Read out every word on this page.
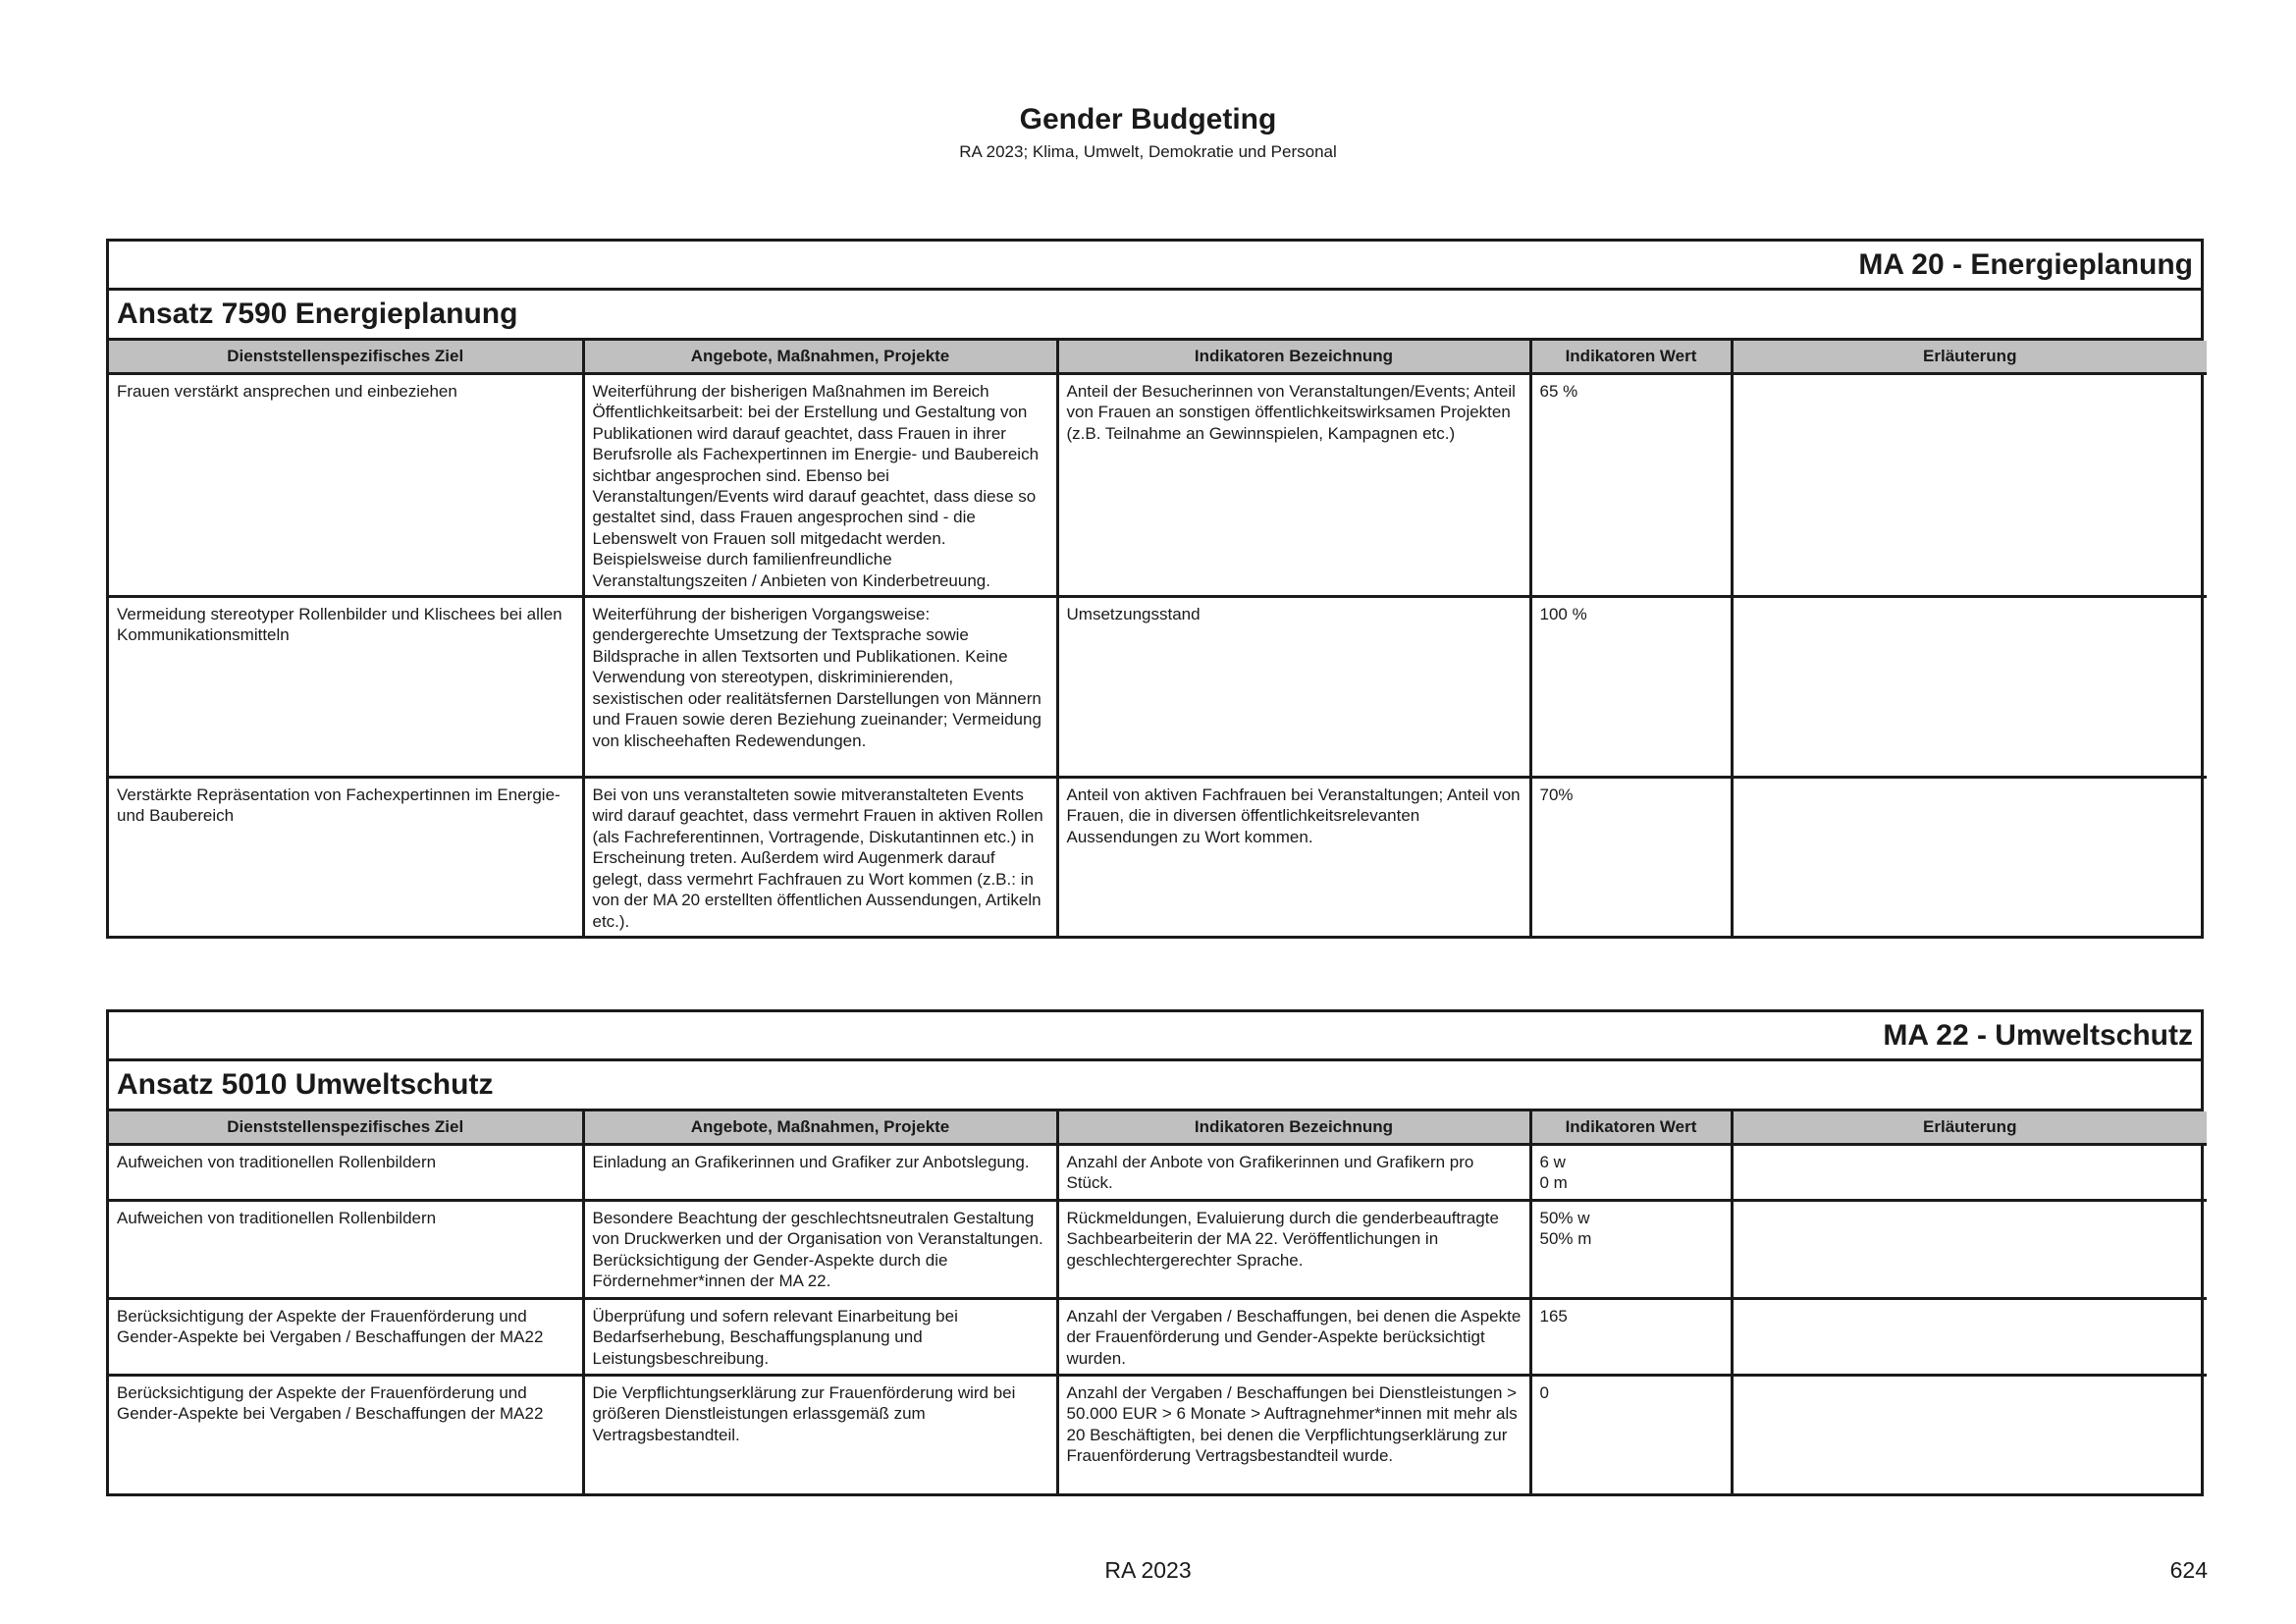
Gender Budgeting
RA 2023; Klima, Umwelt, Demokratie und Personal
MA 20 - Energieplanung
Ansatz 7590 Energieplanung
Dienststellenspezifisches Ziel	Angebote, Maßnahmen, Projekte	Indikatoren Bezeichnung	Indikatoren Wert	Erläuterung
Frauen verstärkt ansprechen und einbeziehen	Weiterführung der bisherigen Maßnahmen im Bereich Öffentlichkeitsarbeit: bei der Erstellung und Gestaltung von Publikationen wird darauf geachtet, dass Frauen in ihrer Berufsrolle als Fachexpertinnen im Energie- und Baubereich sichtbar angesprochen sind. Ebenso bei Veranstaltungen/Events wird darauf geachtet, dass diese so gestaltet sind, dass Frauen angesprochen sind - die Lebenswelt von Frauen soll mitgedacht werden. Beispielsweise durch familienfreundliche Veranstaltungszeiten / Anbieten von Kinderbetreuung.	Anteil der Besucherinnen von Veranstaltungen/Events; Anteil von Frauen an sonstigen öffentlichkeitswirksamen Projekten (z.B. Teilnahme an Gewinnspielen, Kampagnen etc.)	65 %	
Vermeidung stereotyper Rollenbilder und Klischees bei allen Kommunikationsmitteln	Weiterführung der bisherigen Vorgangsweise: gendergerechte Umsetzung der Textsprache sowie Bildsprache in allen Textsorten und Publikationen. Keine Verwendung von stereotypen, diskriminierenden, sexistischen oder realitätsfernen Darstellungen von Männern und Frauen sowie deren Beziehung zueinander; Vermeidung von klischeehaften Redewendungen.	Umsetzungsstand	100 %	
Verstärkte Repräsentation von Fachexpertinnen im Energie- und Baubereich	Bei von uns veranstalteten sowie mitveranstalteten Events wird darauf geachtet, dass vermehrt Frauen in aktiven Rollen (als Fachreferentinnen, Vortragende, Diskutantinnen etc.) in Erscheinung treten. Außerdem wird Augenmerk darauf gelegt, dass vermehrt Fachfrauen zu Wort kommen (z.B.: in von der MA 20 erstellten öffentlichen Aussendungen, Artikeln etc.).	Anteil von aktiven Fachfrauen bei Veranstaltungen; Anteil von Frauen, die in diversen öffentlichkeitsrelevanten Aussendungen zu Wort kommen.	70%	
MA 22 - Umweltschutz
Ansatz 5010 Umweltschutz
Dienststellenspezifisches Ziel	Angebote, Maßnahmen, Projekte	Indikatoren Bezeichnung	Indikatoren Wert	Erläuterung
Aufweichen von traditionellen Rollenbildern	Einladung an Grafikerinnen und Grafiker zur Anbotslegung.	Anzahl der Anbote von Grafikerinnen und Grafikern pro Stück.	6 w
0 m	
Aufweichen von traditionellen Rollenbildern	Besondere Beachtung der geschlechtsneutralen Gestaltung von Druckwerken und der Organisation von Veranstaltungen. Berücksichtigung der Gender-Aspekte durch die Fördernehmer*innen der MA 22.	Rückmeldungen, Evaluierung durch die genderbeauftragte Sachbearbeiterin der MA 22. Veröffentlichungen in geschlechtergerechter Sprache.	50% w
50% m	
Berücksichtigung der Aspekte der Frauenförderung und Gender-Aspekte bei Vergaben / Beschaffungen der MA22	Überprüfung und sofern relevant Einarbeitung bei Bedarfserhebung, Beschaffungsplanung und Leistungsbeschreibung.	Anzahl der Vergaben / Beschaffungen, bei denen die Aspekte der Frauenförderung und Gender-Aspekte berücksichtigt wurden.	165	
Berücksichtigung der Aspekte der Frauenförderung und Gender-Aspekte bei Vergaben / Beschaffungen der MA22	Die Verpflichtungserklärung zur Frauenförderung wird bei größeren Dienstleistungen erlassgemäß zum Vertragsbestandteil.	Anzahl der Vergaben / Beschaffungen bei Dienstleistungen > 50.000 EUR > 6 Monate > Auftragnehmer*innen mit mehr als 20 Beschäftigten, bei denen die Verpflichtungserklärung zur Frauenförderung Vertragsbestandteil wurde.	0	
RA 2023	624
